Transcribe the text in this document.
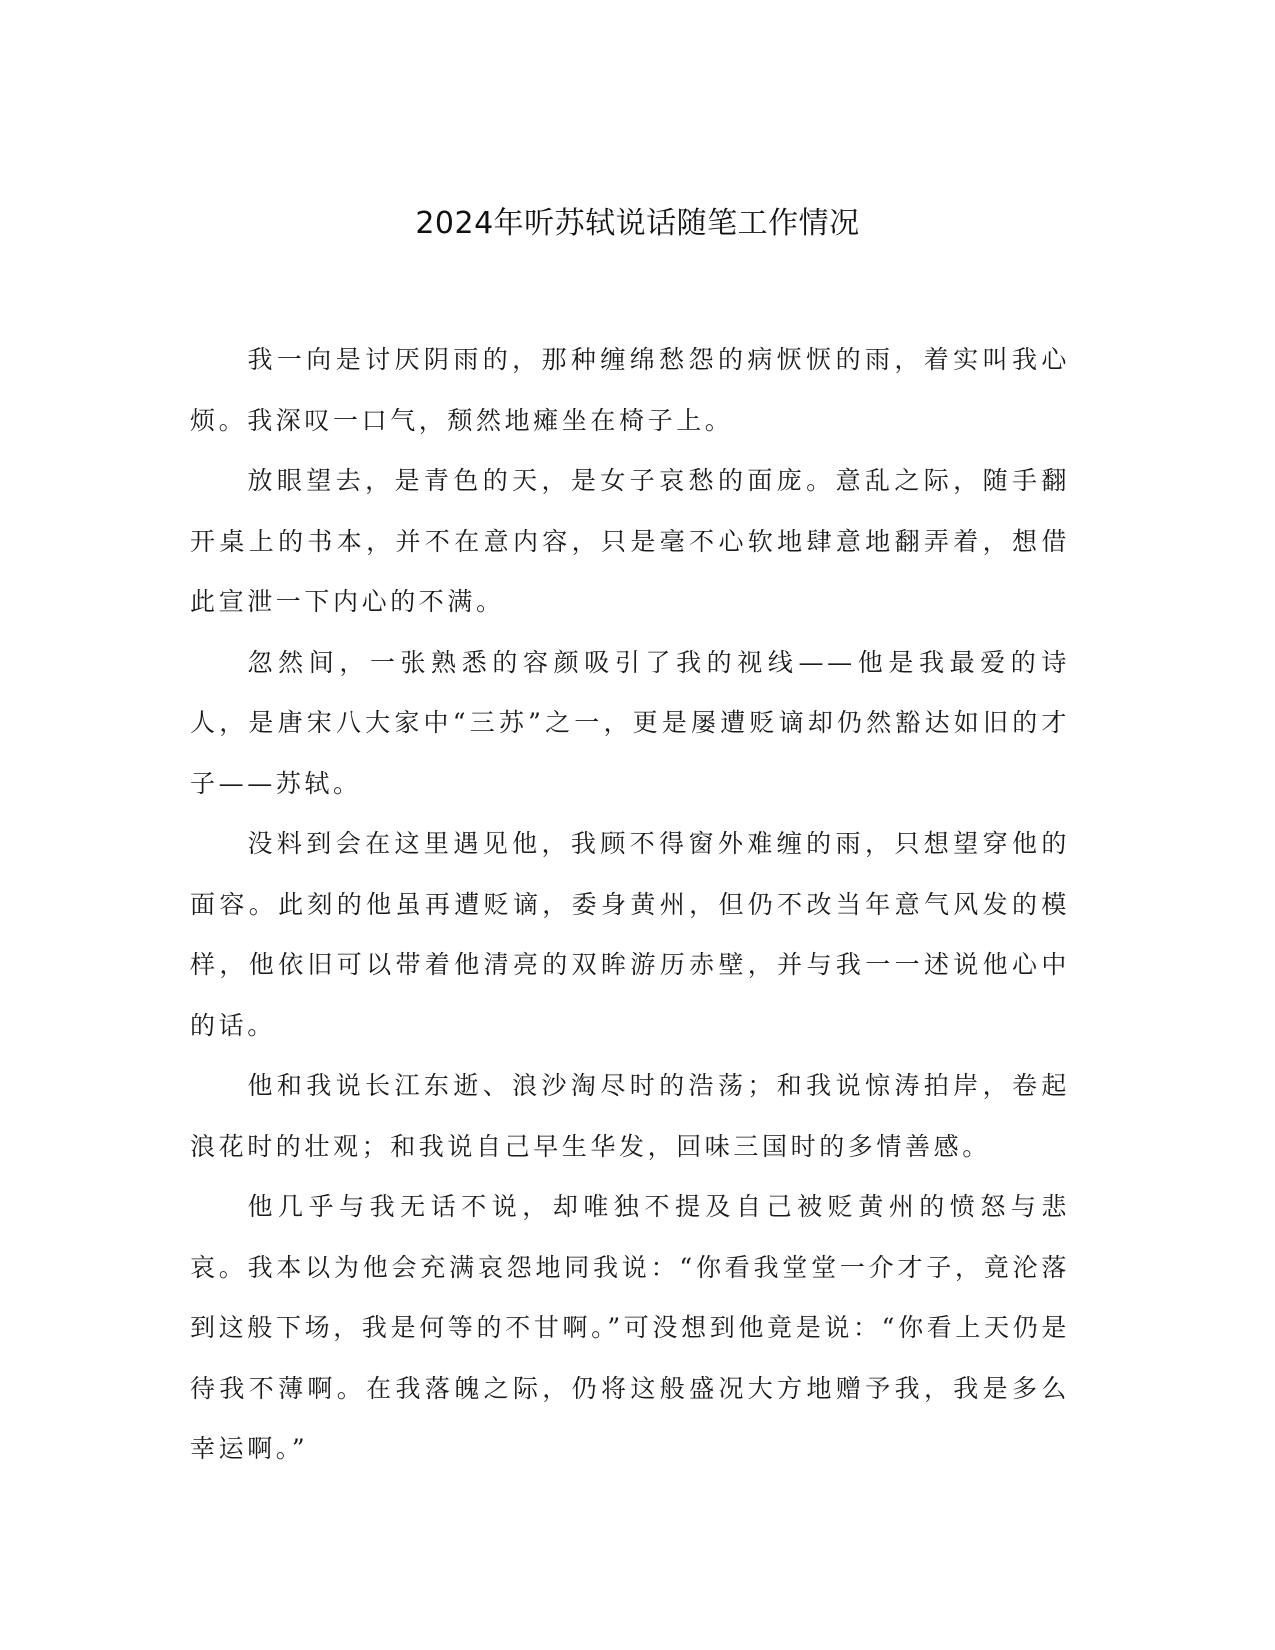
2024年听苏轼说话随笔工作情况

我一向是讨厌阴雨的，那种缠绵愁怨的病恹恹的雨，着实叫我心烦。我深叹一口气，颓然地瘫坐在椅子上。

放眼望去，是青色的天，是女子哀愁的面庞。意乱之际，随手翻开桌上的书本，并不在意内容，只是毫不心软地肆意地翻弄着，想借此宣泄一下内心的不满。

忽然间，一张熟悉的容颜吸引了我的视线——他是我最爱的诗人，是唐宋八大家中“三苏”之一，更是屡遭贬谪却仍然豁达如旧的才子——苏轼。

没料到会在这里遇见他，我顾不得窗外难缠的雨，只想望穿他的面容。此刻的他虽再遭贬谪，委身黄州，但仍不改当年意气风发的模样，他依旧可以带着他清亮的双眸游历赤壁，并与我一一述说他心中的话。

他和我说长江东逝、浪沙淘尽时的浩荡；和我说惊涛拍岸，卷起浪花时的壮观；和我说自己早生华发，回味三国时的多情善感。

他几乎与我无话不说，却唯独不提及自己被贬黄州的愤怒与悲哀。我本以为他会充满哀怨地同我说：“你看我堂堂一介才子，竟沦落到这般下场，我是何等的不甘啊。”可没想到他竟是说：“你看上天仍是待我不薄啊。在我落魄之际，仍将这般盛况大方地赠予我，我是多么幸运啊。”
